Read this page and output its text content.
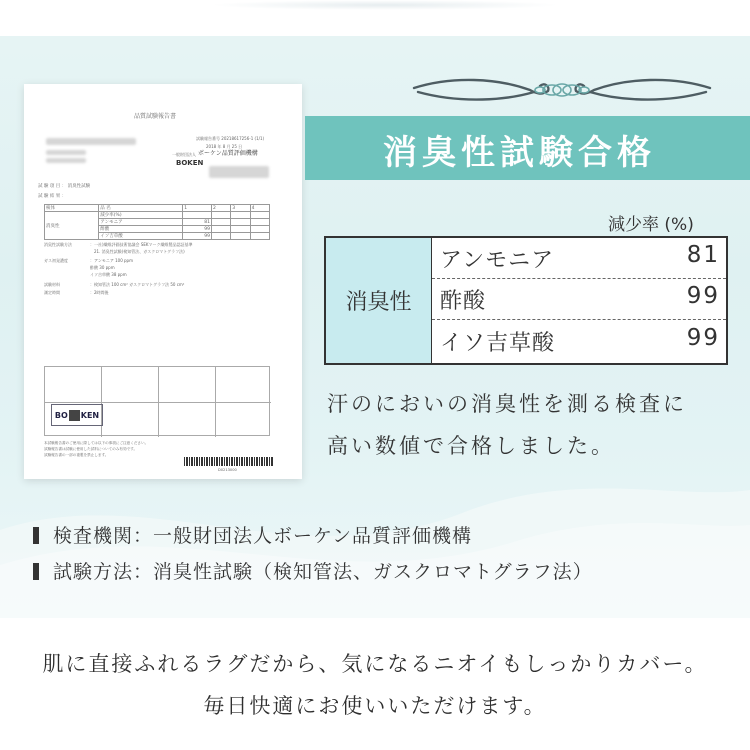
品質試験報告書
試験報告番号 20218617256-1 (1/1)
2018 年 8 月 25 日
一般財団法人 ボーケン品質評価機構
BOKEN
試 験 項 目 ： 消臭性試験
試 験 結 果 ：
検体	品 名	1	2	3	4
消臭性	減少率(%)				
	アンモニア	81			
	酢酸	99			
	イソ吉草酸	99			
消臭性試験方法	：一社)繊維評価技術協議会 SEKマーク繊維製品認証基準
21. 消臭性試験(検知管法、ガスクロマトグラフ法)
ガス初発濃度	：アンモニア 100 ppm
酢酸 30 ppm
イソ吉草酸 38 ppm
試験材料	：検知管法 100 cm² ガスクロマトグラフ法 50 cm²
測定時間	：2時間後
BO KEN
本試験報告書のご使用に際しては以下の事項にご注意ください。
試験報告書は試験に使用した試料についてのみ有効です。
試験報告書の一部の複製を禁止します。
D0213000
消臭性試験合格
減少率 (%)
消臭性
アンモニア	81
酢酸	99
イソ吉草酸	99
汗のにおいの消臭性を測る検査に
高い数値で合格しました。
検査機関：一般財団法人ボーケン品質評価機構
試験方法：消臭性試験（検知管法、ガスクロマトグラフ法）
肌に直接ふれるラグだから、気になるニオイもしっかりカバー。
毎日快適にお使いいただけます。
